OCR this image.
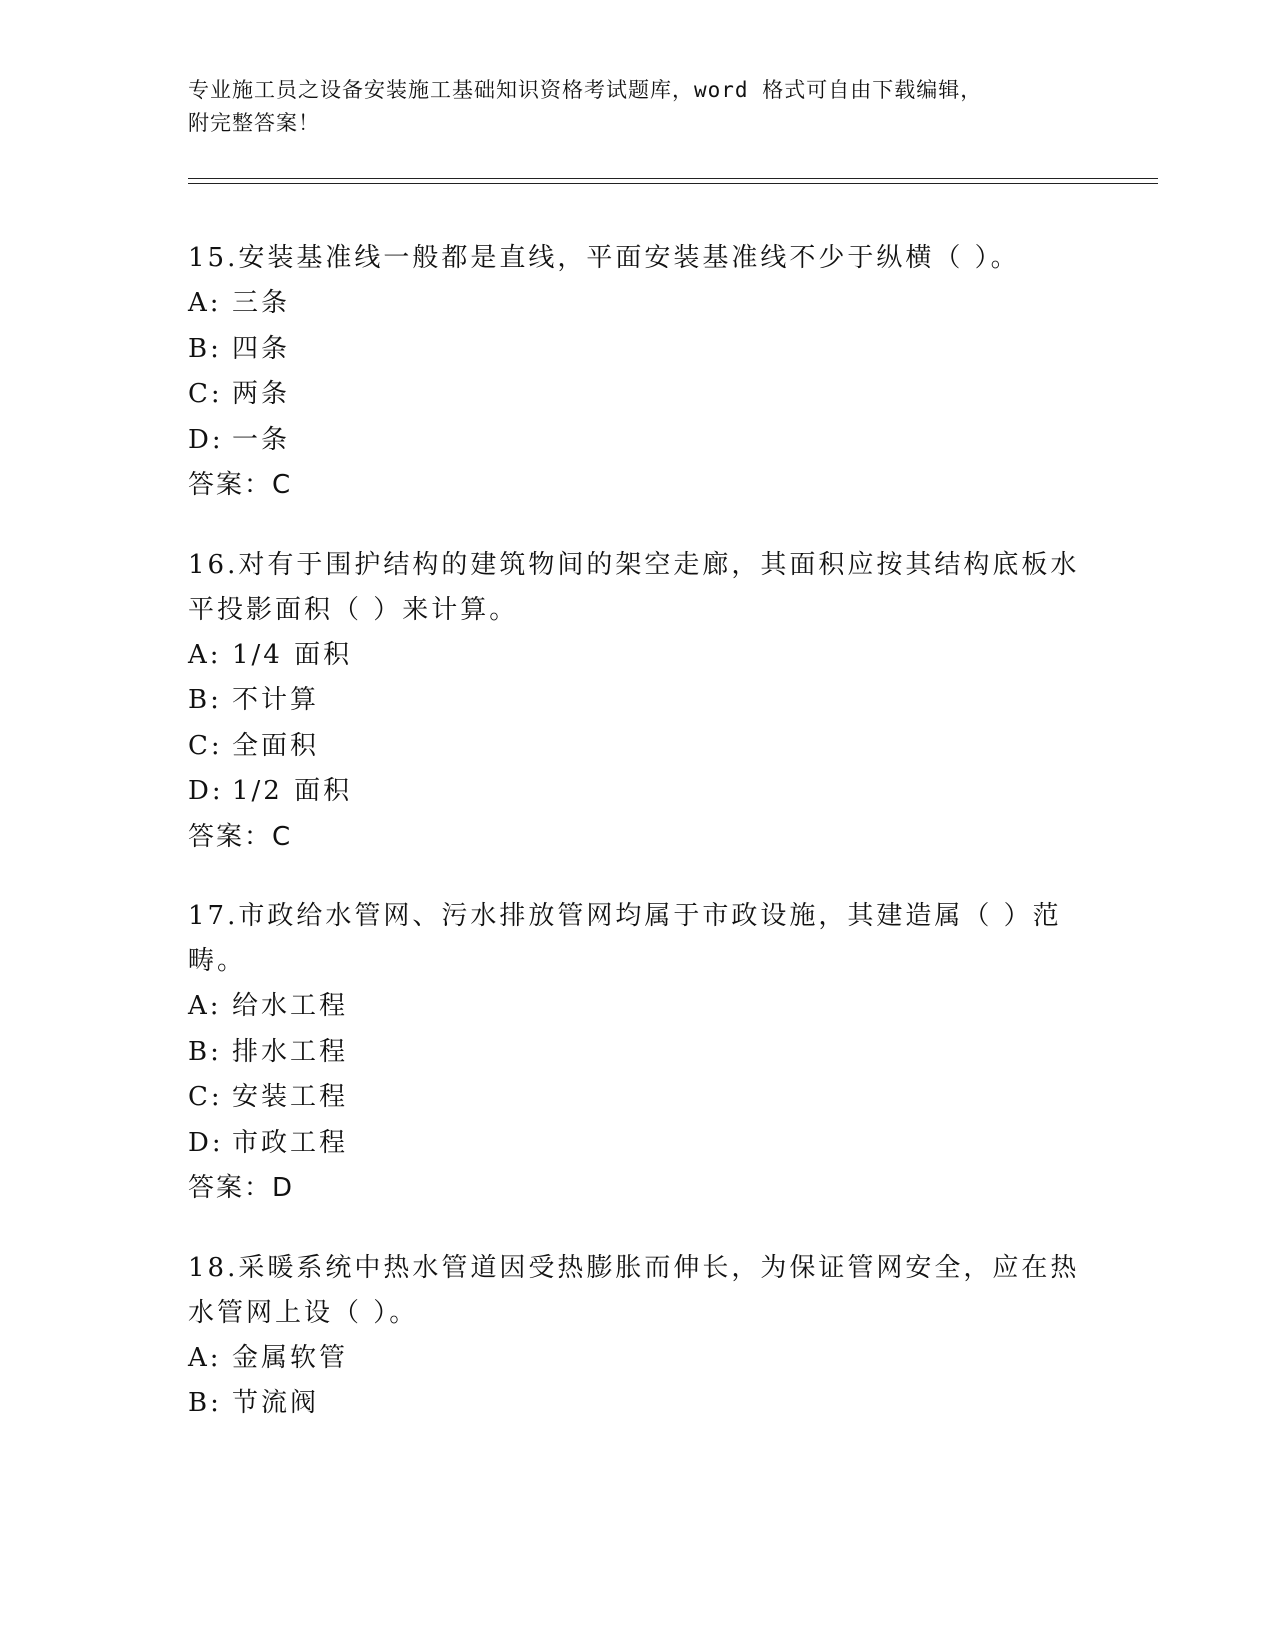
专业施工员之设备安装施工基础知识资格考试题库，word 格式可自由下载编辑，
附完整答案！

15.安装基准线一般都是直线，平面安装基准线不少于纵横（ ）。

A: 三条

B: 四条

C: 两条

D: 一条

答案：C

16.对有于围护结构的建筑物间的架空走廊，其面积应按其结构底板水平投影面积（ ）来计算。

A: 1/4 面积

B: 不计算

C: 全面积

D: 1/2 面积

答案：C

17.市政给水管网、污水排放管网均属于市政设施，其建造属（ ）范畴。

A: 给水工程

B: 排水工程

C: 安装工程

D: 市政工程

答案：D

18.采暖系统中热水管道因受热膨胀而伸长，为保证管网安全，应在热水管网上设（ ）。

A: 金属软管

B: 节流阀
